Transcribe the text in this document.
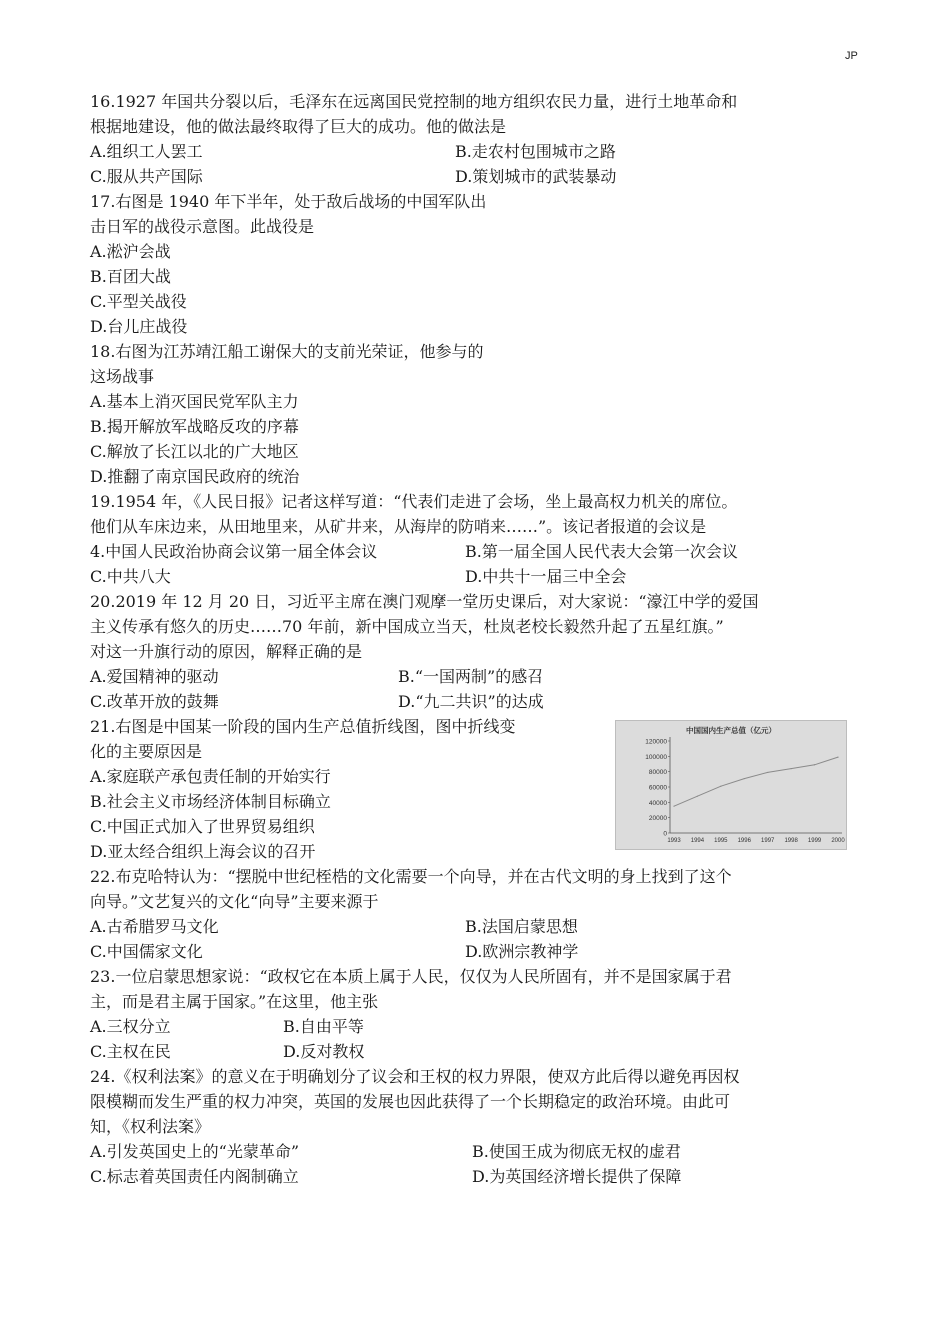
JP
16.1927 年国共分裂以后，毛泽东在远离国民党控制的地方组织农民力量，进行土地革命和
根据地建设，他的做法最终取得了巨大的成功。他的做法是
A.组织工人罢工	B.走农村包围城市之路
C.服从共产国际	D.策划城市的武装暴动
17.右图是 1940 年下半年，处于敌后战场的中国军队出
击日军的战役示意图。此战役是
A.淞沪会战
B.百团大战
C.平型关战役
D.台儿庄战役
18.右图为江苏靖江船工谢保大的支前光荣证，他参与的
这场战事
A.基本上消灭国民党军队主力
B.揭开解放军战略反攻的序幕
C.解放了长江以北的广大地区
D.推翻了南京国民政府的统治
19.1954 年，《人民日报》记者这样写道：“代表们走进了会场，坐上最高权力机关的席位。
他们从车床边来，从田地里来，从矿井来，从海岸的防哨来……”。该记者报道的会议是
4.中国人民政治协商会议第一届全体会议	B.第一届全国人民代表大会第一次会议
C.中共八大	D.中共十一届三中全会
20.2019 年 12 月 20 日，习近平主席在澳门观摩一堂历史课后，对大家说：“濠江中学的爱国
主义传承有悠久的历史……70 年前，新中国成立当天，杜岚老校长毅然升起了五星红旗。”
对这一升旗行动的原因，解释正确的是
A.爱国精神的驱动	B.“一国两制”的感召
C.改革开放的鼓舞	D.“九二共识”的达成
21.右图是中国某一阶段的国内生产总值折线图，图中折线变
化的主要原因是
A.家庭联产承包责任制的开始实行
B.社会主义市场经济体制目标确立
C.中国正式加入了世界贸易组织
D.亚太经合组织上海会议的召开
中国国内生产总值（亿元）
0
20000
40000
60000
80000
100000
120000
1993 1994 1995 1996 1997 1998 1999 2000
22.布克哈特认为：“摆脱中世纪桎梏的文化需要一个向导，并在古代文明的身上找到了这个
向导。”文艺复兴的文化“向导”主要来源于
A.古希腊罗马文化	B.法国启蒙思想
C.中国儒家文化	D.欧洲宗教神学
23.一位启蒙思想家说：“政权它在本质上属于人民，仅仅为人民所固有，并不是国家属于君
主，而是君主属于国家。”在这里，他主张
A.三权分立	B.自由平等
C.主权在民	D.反对教权
24.《权利法案》的意义在于明确划分了议会和王权的权力界限，使双方此后得以避免再因权
限模糊而发生严重的权力冲突，英国的发展也因此获得了一个长期稳定的政治环境。由此可
知，《权利法案》
A.引发英国史上的“光蒙革命”	B.使国王成为彻底无权的虚君
C.标志着英国责任内阁制确立	D.为英国经济增长提供了保障
